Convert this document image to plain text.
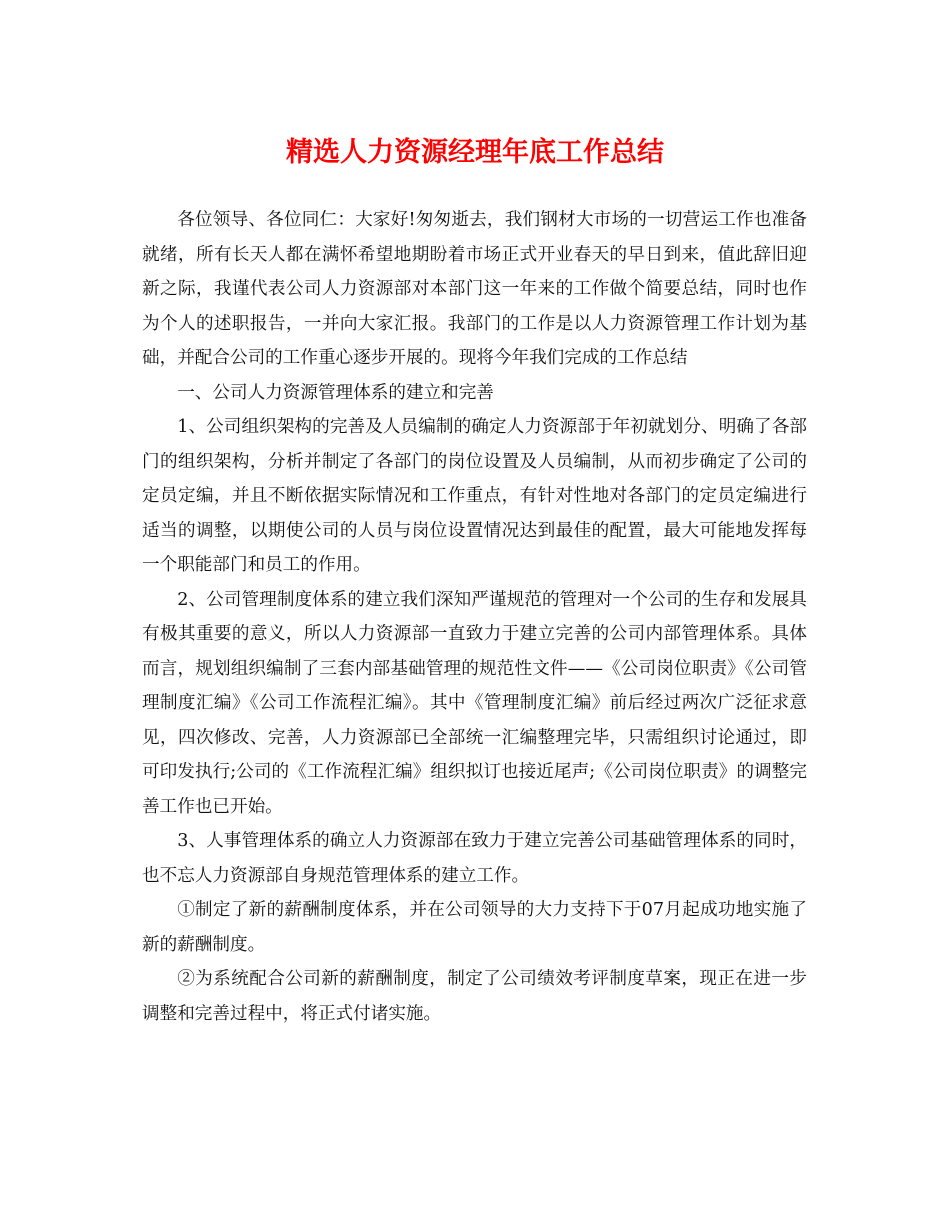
精选人力资源经理年底工作总结

各位领导、各位同仁：大家好!匆匆逝去，我们钢材大市场的一切营运工作也准备就绪，所有长天人都在满怀希望地期盼着市场正式开业春天的早日到来，值此辞旧迎新之际，我谨代表公司人力资源部对本部门这一年来的工作做个简要总结，同时也作为个人的述职报告，一并向大家汇报。我部门的工作是以人力资源管理工作计划为基础，并配合公司的工作重心逐步开展的。现将今年我们完成的工作总结

一、公司人力资源管理体系的建立和完善

1、公司组织架构的完善及人员编制的确定人力资源部于年初就划分、明确了各部门的组织架构，分析并制定了各部门的岗位设置及人员编制，从而初步确定了公司的定员定编，并且不断依据实际情况和工作重点，有针对性地对各部门的定员定编进行适当的调整，以期使公司的人员与岗位设置情况达到最佳的配置，最大可能地发挥每一个职能部门和员工的作用。

2、公司管理制度体系的建立我们深知严谨规范的管理对一个公司的生存和发展具有极其重要的意义，所以人力资源部一直致力于建立完善的公司内部管理体系。具体而言，规划组织编制了三套内部基础管理的规范性文件——《公司岗位职责》《公司管理制度汇编》《公司工作流程汇编》。其中《管理制度汇编》前后经过两次广泛征求意见，四次修改、完善，人力资源部已全部统一汇编整理完毕，只需组织讨论通过，即可印发执行;公司的《工作流程汇编》组织拟订也接近尾声;《公司岗位职责》的调整完善工作也已开始。

3、人事管理体系的确立人力资源部在致力于建立完善公司基础管理体系的同时，也不忘人力资源部自身规范管理体系的建立工作。

①制定了新的薪酬制度体系，并在公司领导的大力支持下于07月起成功地实施了新的薪酬制度。

②为系统配合公司新的薪酬制度，制定了公司绩效考评制度草案，现正在进一步调整和完善过程中，将正式付诸实施。
